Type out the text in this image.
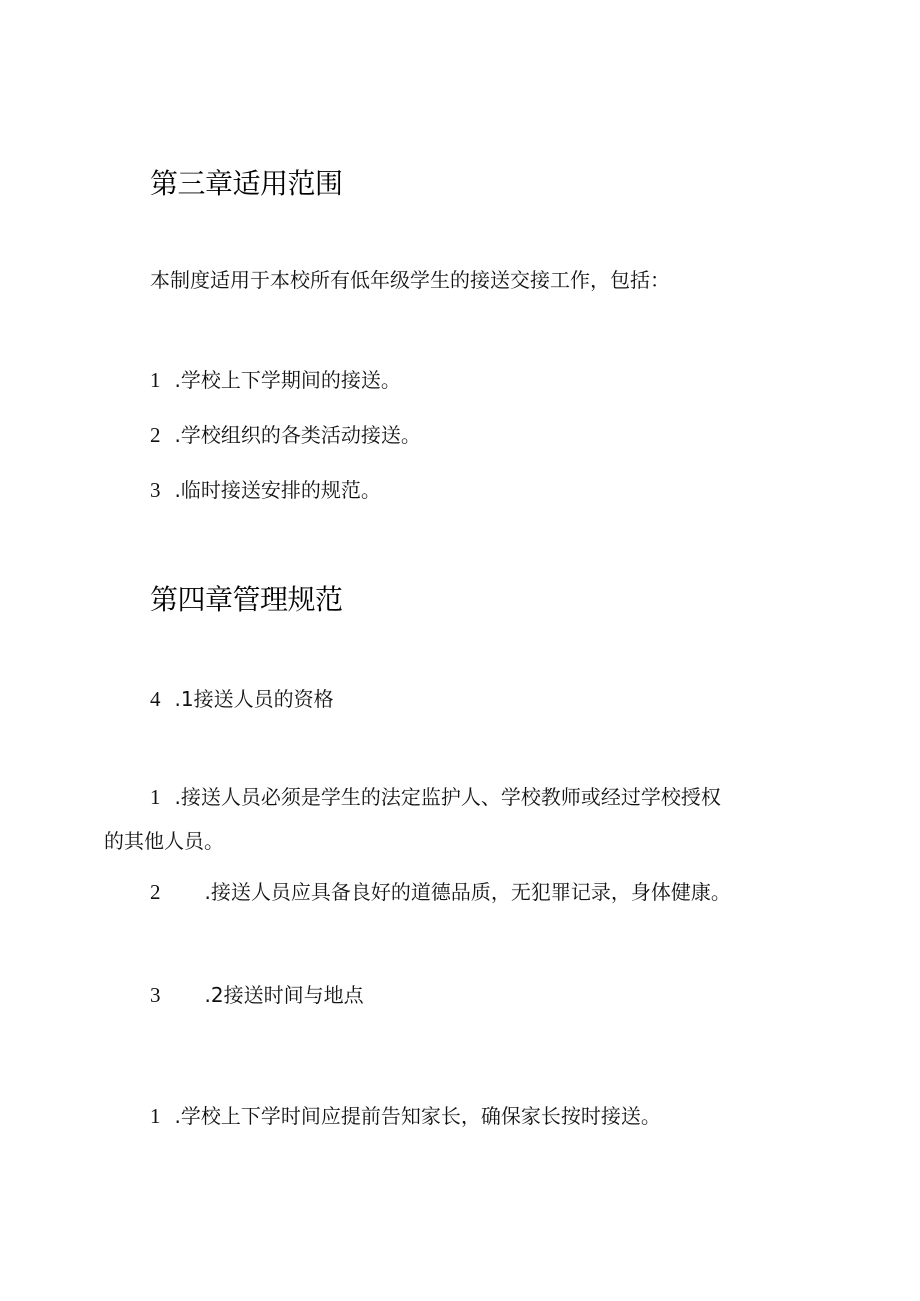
第三章适用范围
本制度适用于本校所有低年级学生的接送交接工作，包括：
1 .学校上下学期间的接送。
2 .学校组织的各类活动接送。
3 .临时接送安排的规范。
第四章管理规范
4 .1接送人员的资格
1 .接送人员必须是学生的法定监护人、学校教师或经过学校授权
的其他人员。
2 .接送人员应具备良好的道德品质，无犯罪记录，身体健康。
3 .2接送时间与地点
1 .学校上下学时间应提前告知家长，确保家长按时接送。
